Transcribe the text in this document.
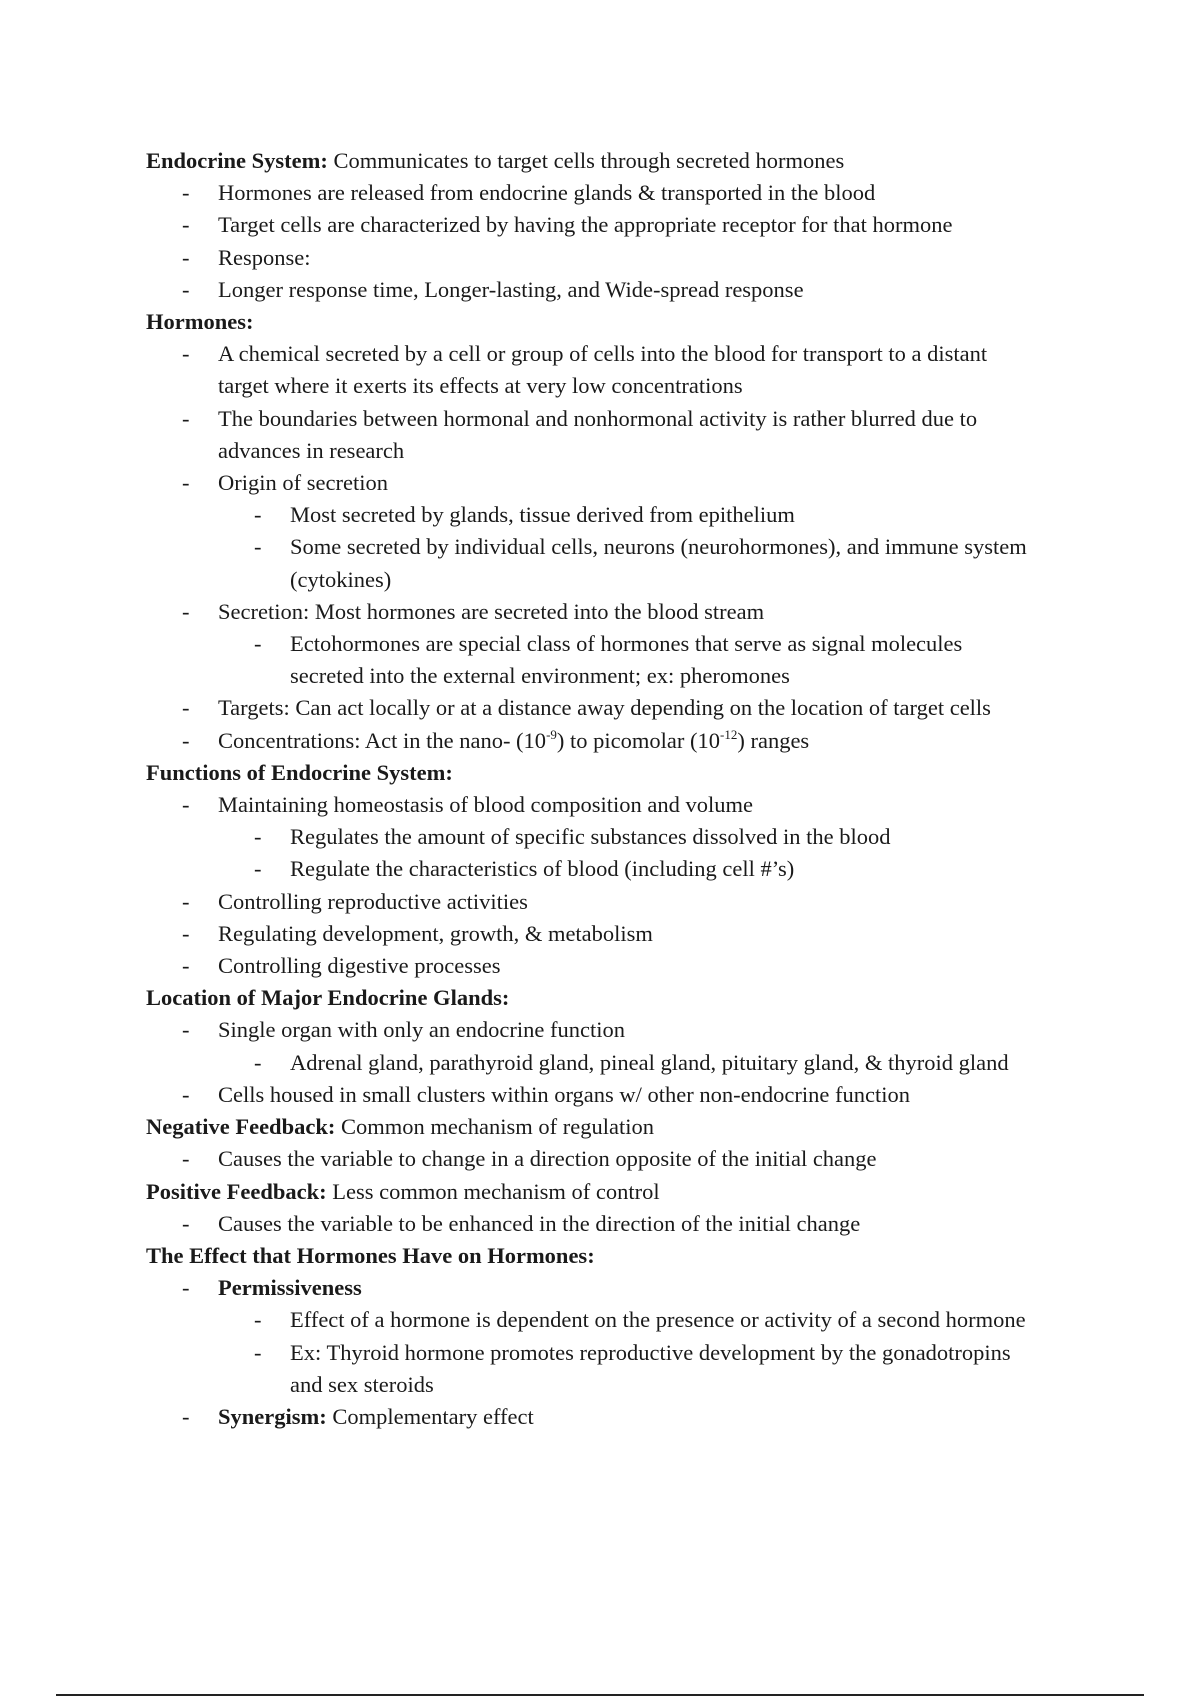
Endocrine System: Communicates to target cells through secreted hormones
- Hormones are released from endocrine glands & transported in the blood
- Target cells are characterized by having the appropriate receptor for that hormone
- Response:
- Longer response time, Longer-lasting, and Wide-spread response
Hormones:
- A chemical secreted by a cell or group of cells into the blood for transport to a distant
target where it exerts its effects at very low concentrations
- The boundaries between hormonal and nonhormonal activity is rather blurred due to
advances in research
- Origin of secretion
- Most secreted by glands, tissue derived from epithelium
- Some secreted by individual cells, neurons (neurohormones), and immune system
(cytokines)
- Secretion: Most hormones are secreted into the blood stream
- Ectohormones are special class of hormones that serve as signal molecules
secreted into the external environment; ex: pheromones
- Targets: Can act locally or at a distance away depending on the location of target cells
- Concentrations: Act in the nano- $(10^{-9})$ to picomolar $(10^{-12})$ ranges
Functions of Endocrine System:
- Maintaining homeostasis of blood composition and volume
- Regulates the amount of specific substances dissolved in the blood
- Regulate the characteristics of blood (including cell #’s)
- Controlling reproductive activities
- Regulating development, growth, & metabolism
- Controlling digestive processes
Location of Major Endocrine Glands:
- Single organ with only an endocrine function
- Adrenal gland, parathyroid gland, pineal gland, pituitary gland, & thyroid gland
- Cells housed in small clusters within organs w/ other non-endocrine function
Negative Feedback: Common mechanism of regulation
- Causes the variable to change in a direction opposite of the initial change
Positive Feedback: Less common mechanism of control
- Causes the variable to be enhanced in the direction of the initial change
The Effect that Hormones Have on Hormones:
- Permissiveness
- Effect of a hormone is dependent on the presence or activity of a second hormone
- Ex: Thyroid hormone promotes reproductive development by the gonadotropins
and sex steroids
- Synergism: Complementary effect
